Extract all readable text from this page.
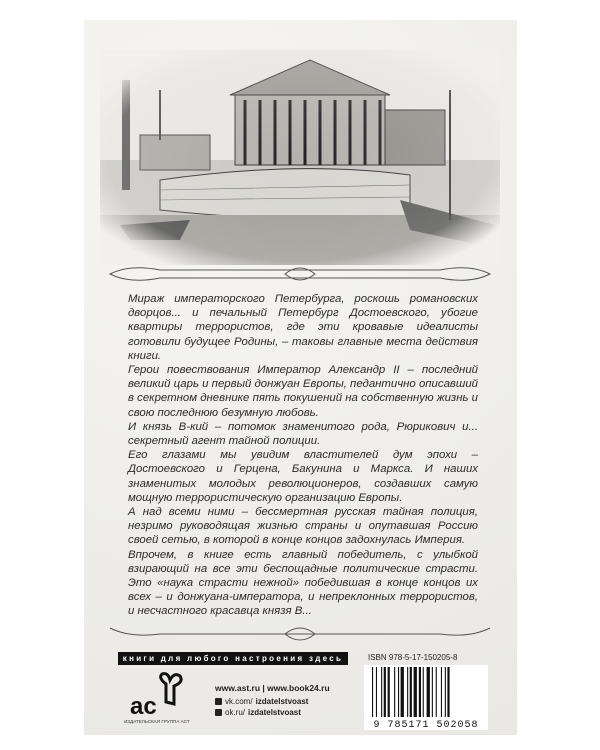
Мираж императорского Петербурга, роскошь романовских дворцов... и печальный Петербург Достоевского, убогие квартиры террористов, где эти кровавые идеалисты готовили будущее Родины, – таковы главные места действия книги.

Герои повествования Император Александр II – последний великий царь и первый донжуан Европы, педантично описавший в секретном дневнике пять покушений на собственную жизнь и свою последнюю безумную любовь.

И князь В-кий – потомок знаменитого рода, Рюрикович и... секретный агент тайной полиции.

Его глазами мы увидим властителей дум эпохи – Достоевского и Герцена, Бакунина и Маркса. И наших знаменитых молодых революционеров, создавших самую мощную террористическую организацию Европы.

А над всеми ними – бессмертная русская тайная полиция, незримо руководящая жизнью страны и опутавшая Россию своей сетью, в которой в конце концов задохнулась Империя.

Впрочем, в книге есть главный победитель, с улыбкой взирающий на все эти беспощадные политические страсти. Это «наука страсти нежной» победившая в конце концов их всех – и донжуана-императора, и непреклонных террористов, и несчастного красавца князя В...

книги для любого настроения здесь
ac
ИЗДАТЕЛЬСКАЯ ГРУППА АСТ
www.ast.ru | www.book24.ru
vk.com/ izdatelstvoast
ok.ru/ izdatelstvoast
ISBN 978-5-17-150205-8
9 785171 502058
